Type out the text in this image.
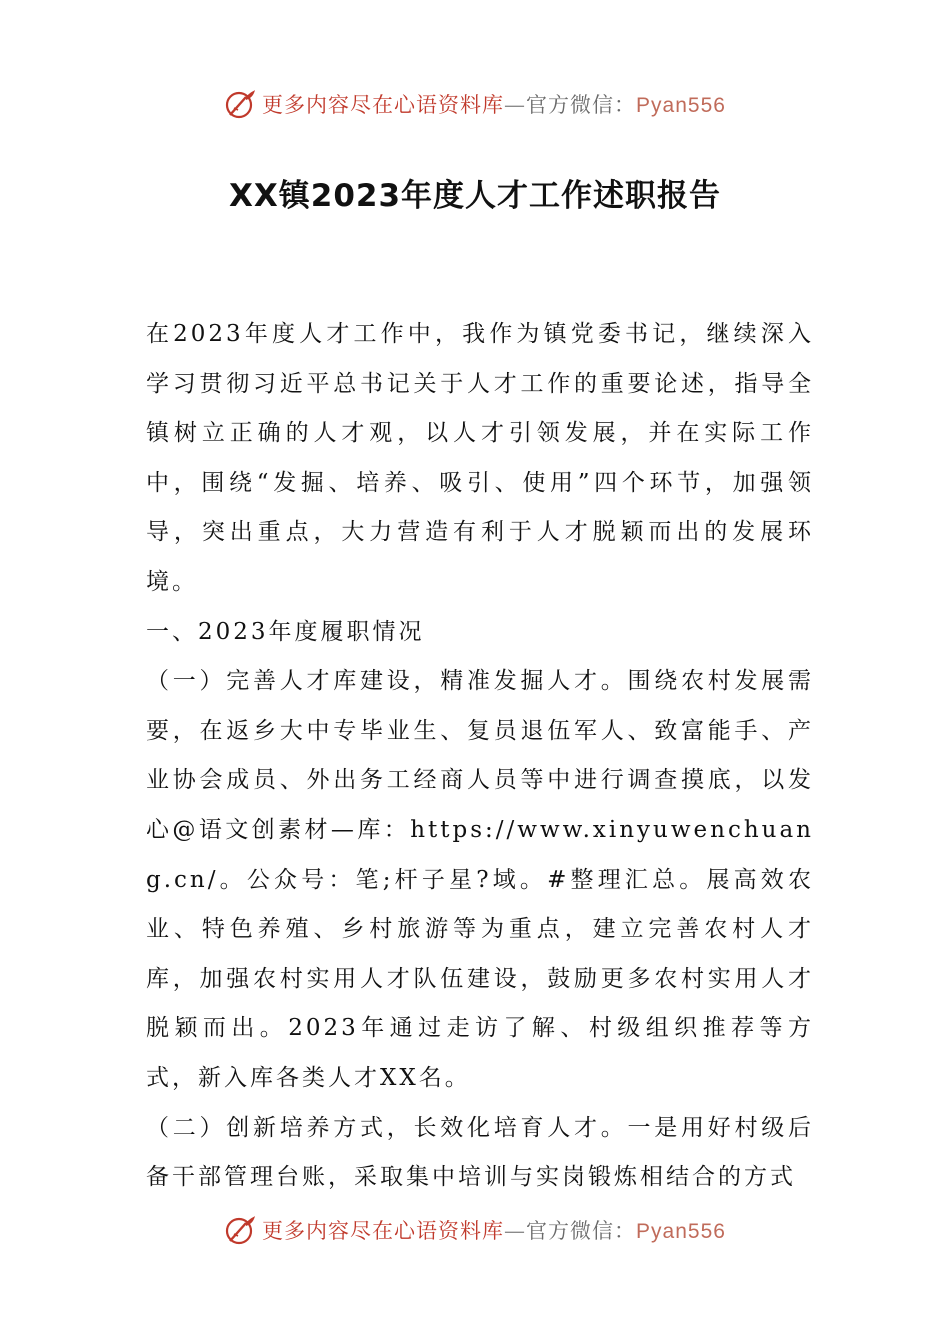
更多内容尽在心语资料库—官方微信：Pyan556
XX镇2023年度人才工作述职报告

在2023年度人才工作中，我作为镇党委书记，继续深入学习贯彻习近平总书记关于人才工作的重要论述，指导全镇树立正确的人才观，以人才引领发展，并在实际工作中，围绕“发掘、培养、吸引、使用”四个环节，加强领导，突出重点，大力营造有利于人才脱颖而出的发展环境。

一、2023年度履职情况

（一）完善人才库建设，精准发掘人才。围绕农村发展需要，在返乡大中专毕业生、复员退伍军人、致富能手、产业协会成员、外出务工经商人员等中进行调查摸底，以发心@语文创素材—库：https://www.xinyuwenchuang.cn/。公众号：笔;杆子星?域。#整理汇总。展高效农业、特色养殖、乡村旅游等为重点，建立完善农村人才库，加强农村实用人才队伍建设，鼓励更多农村实用人才脱颖而出。2023年通过走访了解、村级组织推荐等方式，新入库各类人才XX名。

（二）创新培养方式，长效化培育人才。一是用好村级后备干部管理台账，采取集中培训与实岗锻炼相结合的方式

更多内容尽在心语资料库—官方微信：Pyan556
